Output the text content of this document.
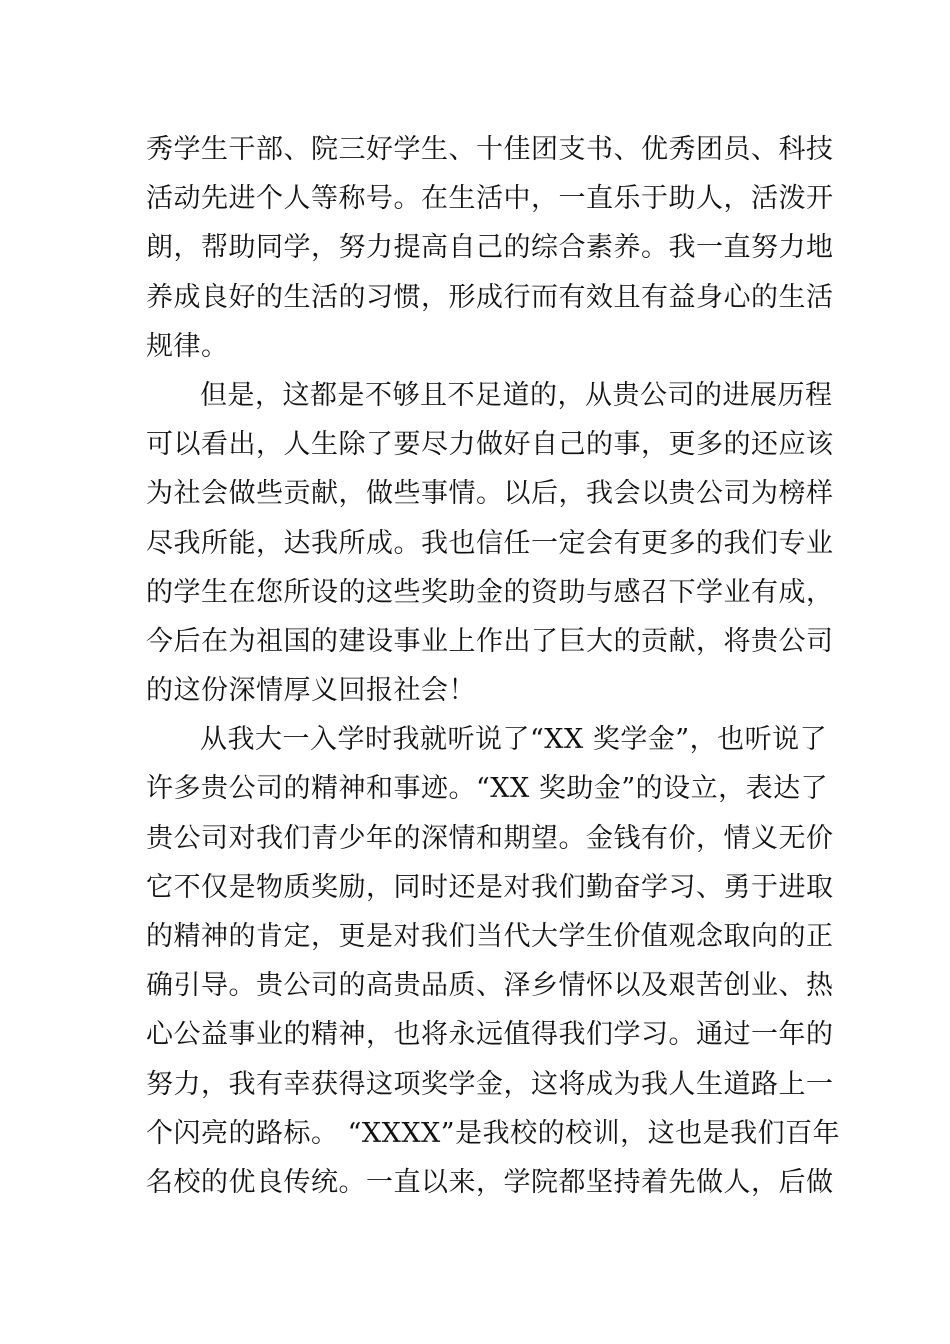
秀学生干部、院三好学生、十佳团支书、优秀团员、科技
活动先进个人等称号。在生活中，一直乐于助人，活泼开
朗，帮助同学，努力提高自己的综合素养。我一直努力地
养成良好的生活的习惯，形成行而有效且有益身心的生活
规律。
但是，这都是不够且不足道的，从贵公司的进展历程
可以看出，人生除了要尽力做好自己的事，更多的还应该
为社会做些贡献，做些事情。以后，我会以贵公司为榜样
尽我所能，达我所成。我也信任一定会有更多的我们专业
的学生在您所设的这些奖助金的资助与感召下学业有成，
今后在为祖国的建设事业上作出了巨大的贡献，将贵公司
的这份深情厚义回报社会！
从我大一入学时我就听说了“XX 奖学金”，也听说了
许多贵公司的精神和事迹。“XX 奖助金”的设立，表达了
贵公司对我们青少年的深情和期望。金钱有价，情义无价
它不仅是物质奖励，同时还是对我们勤奋学习、勇于进取
的精神的肯定，更是对我们当代大学生价值观念取向的正
确引导。贵公司的高贵品质、泽乡情怀以及艰苦创业、热
心公益事业的精神，也将永远值得我们学习。通过一年的
努力，我有幸获得这项奖学金，这将成为我人生道路上一
个闪亮的路标。 “XXXX”是我校的校训，这也是我们百年
名校的优良传统。一直以来，学院都坚持着先做人，后做
